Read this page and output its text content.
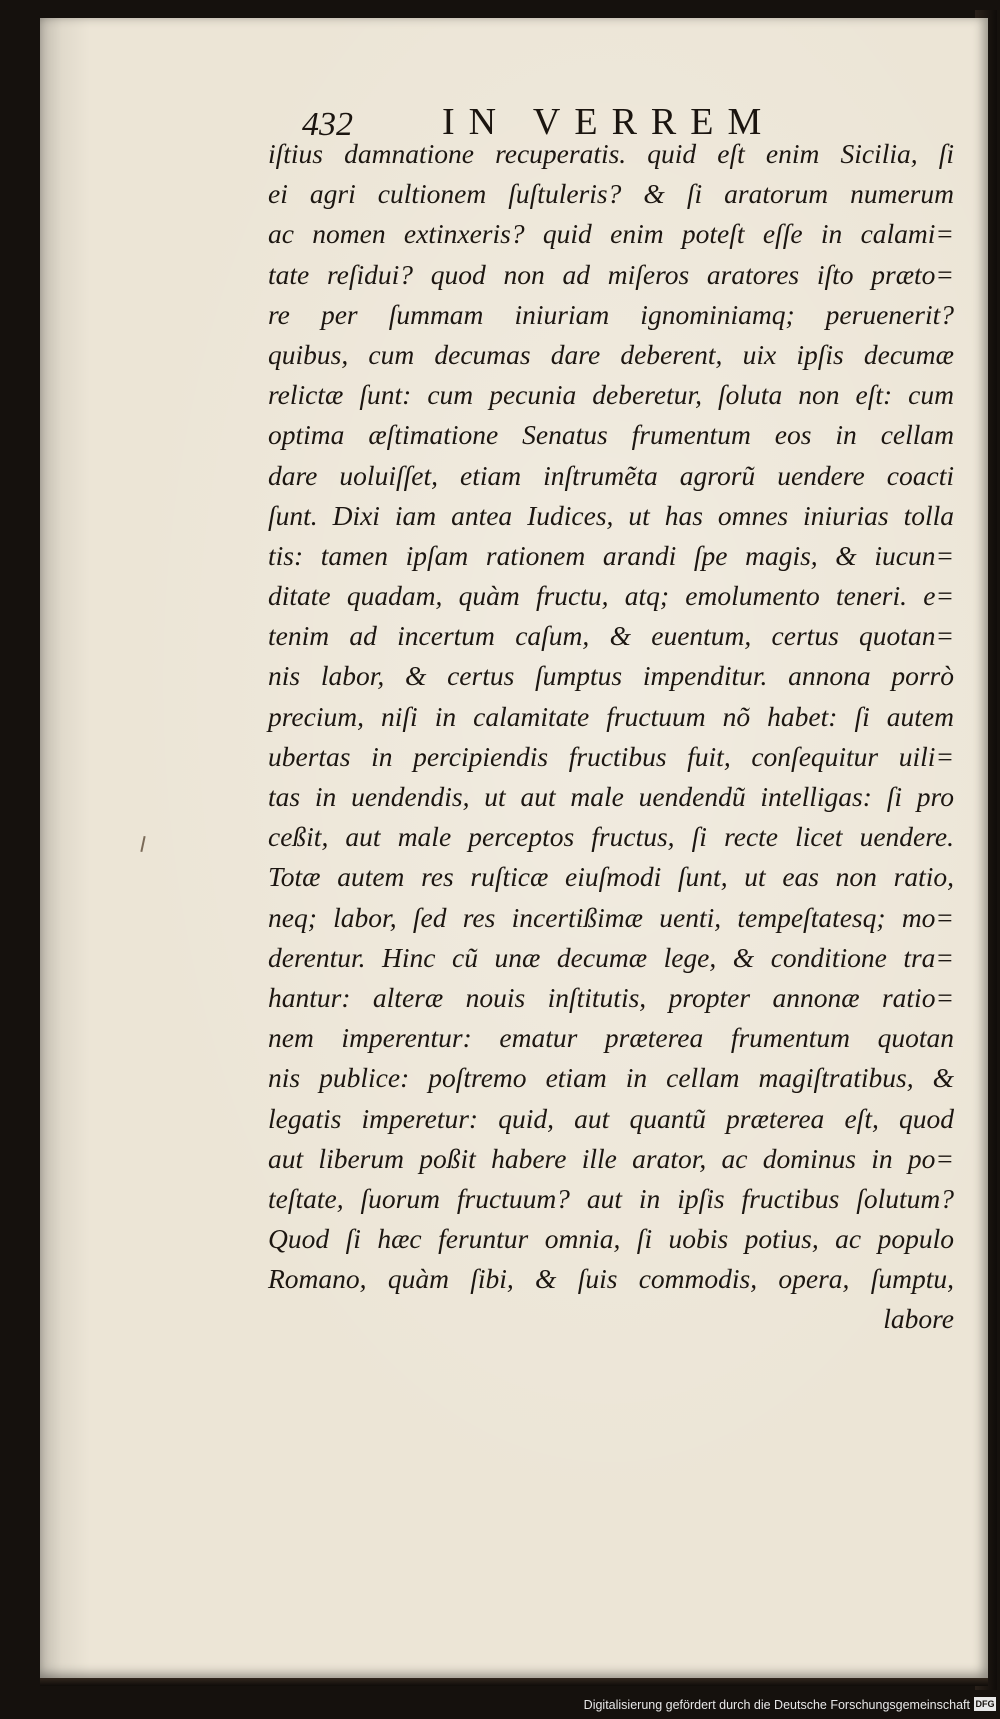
432 IN VERREM
iſtius damnatione recuperatis. quid eſt enim Sicilia, ſi
ei agri cultionem ſuſtuleris? & ſi aratorum numerum
ac nomen extinxeris? quid enim poteſt eſſe in calami=
tate reſidui? quod non ad miſeros aratores iſto præto=
re per ſummam iniuriam ignominiamq; peruenerit?
quibus, cum decumas dare deberent, uix ipſis decumæ
relictæ ſunt: cum pecunia deberetur, ſoluta non eſt: cum
optima æſtimatione Senatus frumentum eos in cellam
dare uoluiſſet, etiam inſtrumẽta agrorũ uendere coacti
ſunt. Dixi iam antea Iudices, ut has omnes iniurias tolla
tis: tamen ipſam rationem arandi ſpe magis, & iucun=
ditate quadam, quàm fructu, atq; emolumento teneri. e=
tenim ad incertum caſum, & euentum, certus quotan=
nis labor, & certus ſumptus impenditur. annona porrò
precium, niſi in calamitate fructuum nõ habet: ſi autem
ubertas in percipiendis fructibus fuit, conſequitur uili=
tas in uendendis, ut aut male uendendũ intelligas: ſi pro
ceßit, aut male perceptos fructus, ſi recte licet uendere.
Totæ autem res ruſticæ eiuſmodi ſunt, ut eas non ratio,
neq; labor, ſed res incertißimæ uenti, tempeſtatesq; mo=
derentur. Hinc cũ unæ decumæ lege, & conditione tra=
hantur: alteræ nouis inſtitutis, propter annonæ ratio=
nem imperentur: ematur præterea frumentum quotan
nis publice: poſtremo etiam in cellam magiſtratibus, &
legatis imperetur: quid, aut quantũ præterea eſt, quod
aut liberum poßit habere ille arator, ac dominus in po=
teſtate, ſuorum fructuum? aut in ipſis fructibus ſolutum?
Quod ſi hæc feruntur omnia, ſi uobis potius, ac populo
Romano, quàm ſibi, & ſuis commodis, opera, ſumptu,
labore
Digitalisierung gefördert durch die Deutsche Forschungsgemeinschaft DFG
